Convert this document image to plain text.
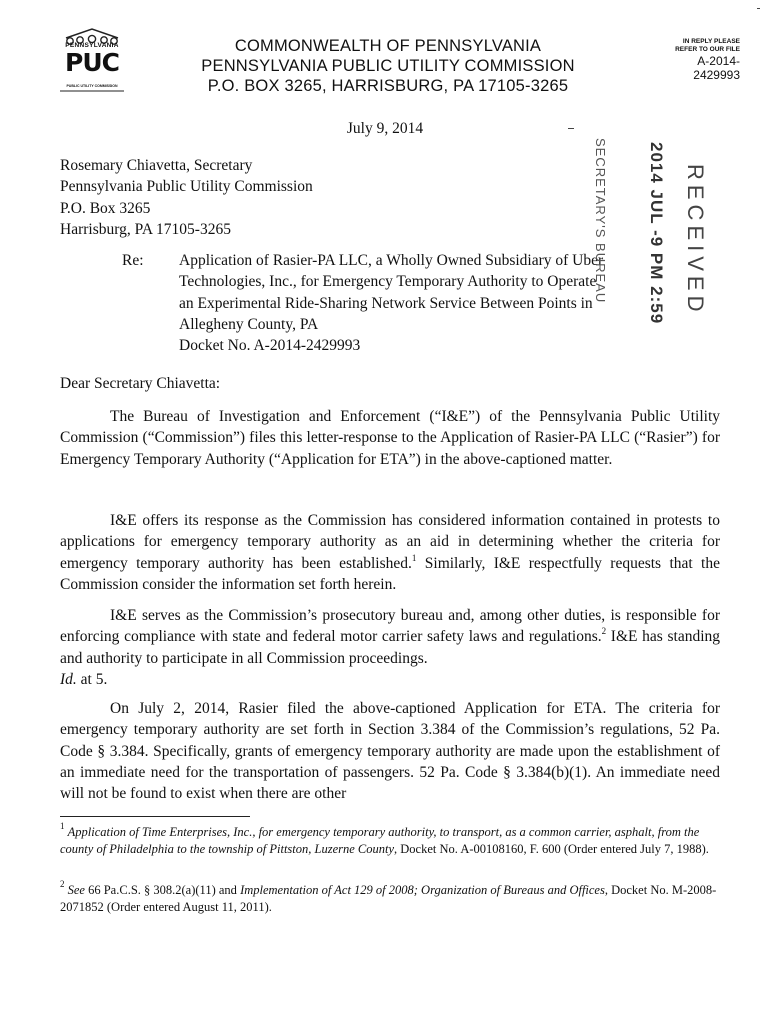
PENNSYLVANIA
PUC
PUBLIC UTILITY COMMISSION
COMMONWEALTH OF PENNSYLVANIA
PENNSYLVANIA PUBLIC UTILITY COMMISSION
P.O. BOX 3265, HARRISBURG, PA 17105-3265
IN REPLY PLEASE
REFER TO OUR FILE
A-2014-
2429993
July 9, 2014
Rosemary Chiavetta, Secretary
Pennsylvania Public Utility Commission
P.O. Box 3265
Harrisburg, PA 17105-3265
Re: Application of Rasier-PA LLC, a Wholly Owned Subsidiary of Uber
Technologies, Inc., for Emergency Temporary Authority to Operate
an Experimental Ride-Sharing Network Service Between Points in
Allegheny County, PA
Docket No. A-2014-2429993
Dear Secretary Chiavetta:
The Bureau of Investigation and Enforcement (“I&E”) of the Pennsylvania Public Utility Commission (“Commission”) files this letter-response to the Application of Rasier-PA LLC (“Rasier”) for Emergency Temporary Authority (“Application for ETA”) in the above-captioned matter.
I&E offers its response as the Commission has considered information contained in protests to applications for emergency temporary authority as an aid in determining whether the criteria for emergency temporary authority has been established.$^1$ Similarly, I&E respectfully requests that the Commission consider the information set forth herein.
I&E serves as the Commission’s prosecutory bureau and, among other duties, is responsible for enforcing compliance with state and federal motor carrier safety laws and regulations.$^2$ I&E has standing and authority to participate in all Commission proceedings.
Id. at 5.
On July 2, 2014, Rasier filed the above-captioned Application for ETA. The criteria for emergency temporary authority are set forth in Section 3.384 of the Commission’s regulations, 52 Pa. Code § 3.384. Specifically, grants of emergency temporary authority are made upon the establishment of an immediate need for the transportation of passengers. 52 Pa. Code § 3.384(b)(1). An immediate need will not be found to exist when there are other
$^1$ Application of Time Enterprises, Inc., for emergency temporary authority, to transport, as a common carrier, asphalt, from the county of Philadelphia to the township of Pittston, Luzerne County, Docket No. A-00108160, F. 600 (Order entered July 7, 1988).
$^2$ See 66 Pa.C.S. § 308.2(a)(11) and Implementation of Act 129 of 2008; Organization of Bureaus and Offices, Docket No. M-2008-2071852 (Order entered August 11, 2011).
RECEIVED
2014 JUL -9 PM 2:59
SECRETARY'S BUREAU
